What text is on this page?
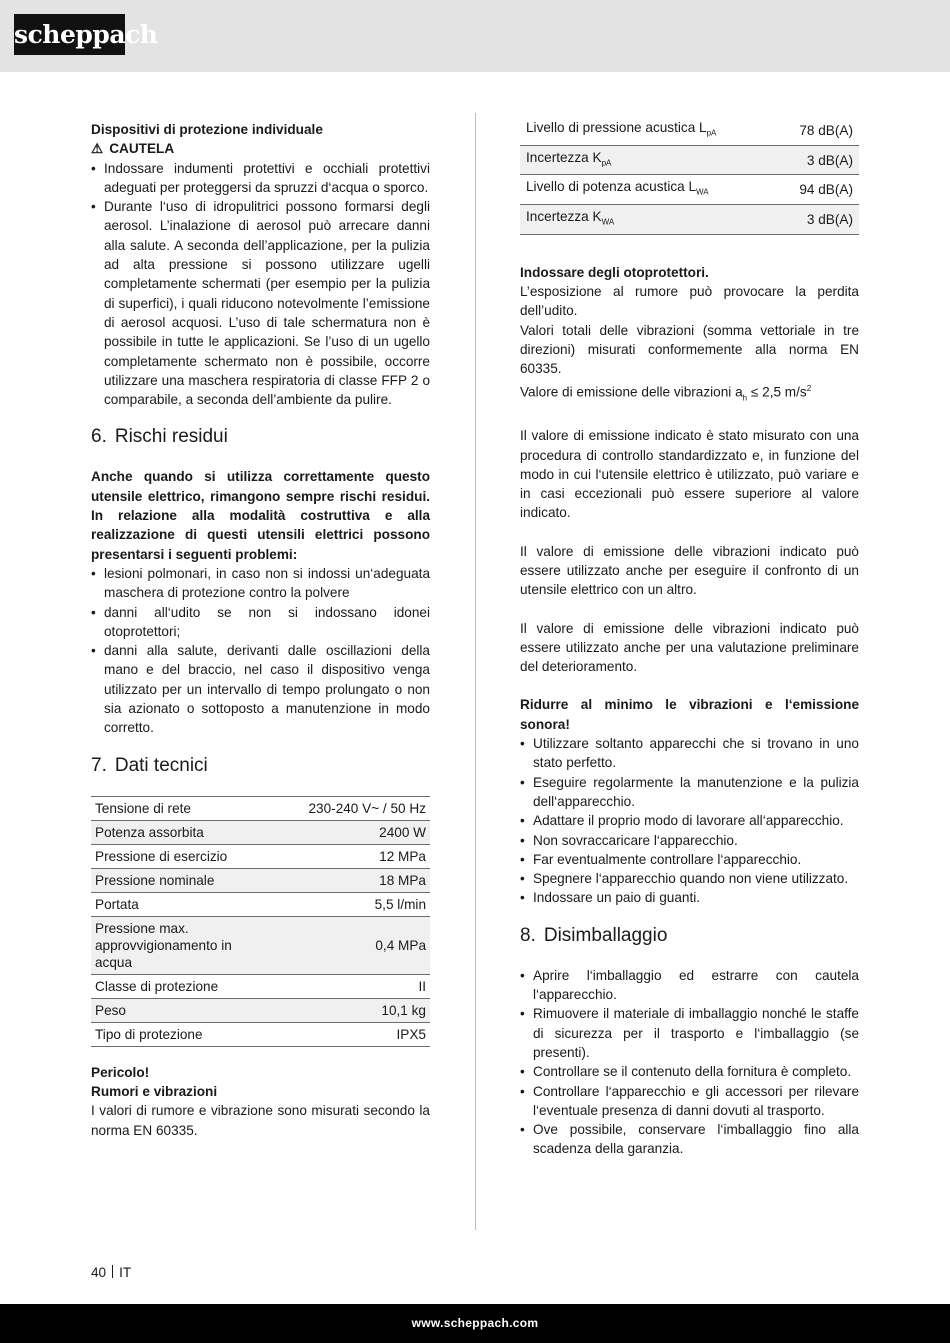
scheppach

Dispositivi di protezione individuale

⚠ CAUTELA

• Indossare indumenti protettivi e occhiali protettivi adeguati per proteggersi da spruzzi d‘acqua o sporco.
• Durante l‘uso di idropulitrici possono formarsi degli aerosol. L’inalazione di aerosol può arrecare danni alla salute. A seconda dell’applicazione, per la pulizia ad alta pressione si possono utilizzare ugelli completamente schermati (per esempio per la pulizia di superfici), i quali riducono notevolmente l’emissione di aerosol acquosi. L’uso di tale schermatura non è possibile in tutte le applicazioni. Se l’uso di un ugello completamente schermato non è possibile, occorre utilizzare una maschera respiratoria di classe FFP 2 o comparabile, a seconda dell’ambiente da pulire.
6. Rischi residui

Anche quando si utilizza correttamente questo utensile elettrico, rimangono sempre rischi residui. In relazione alla modalità costruttiva e alla realizzazione di questi utensili elettrici possono presentarsi i seguenti problemi:

• lesioni polmonari, in caso non si indossi un‘adeguata maschera di protezione contro la polvere
• danni all‘udito se non si indossano idonei otoprotettori;
• danni alla salute, derivanti dalle oscillazioni della mano e del braccio, nel caso il dispositivo venga utilizzato per un intervallo di tempo prolungato o non sia azionato o sottoposto a manutenzione in modo corretto.
7. Dati tecnici
Tensione di rete	230-240 V~ / 50 Hz
Potenza assorbita	2400 W
Pressione di esercizio	12 MPa
Pressione nominale	18 MPa
Portata	5,5 l/min
Pressione max. approvvigionamento in acqua	0,4 MPa
Classe di protezione	II
Peso	10,1 kg
Tipo di protezione	IPX5

Pericolo!

Rumori e vibrazioni

I valori di rumore e vibrazione sono misurati secondo la norma EN 60335.

Livello di pressione acustica $L_{pA}$	78 dB(A)
Incertezza $K_{pA}$	3 dB(A)
Livello di potenza acustica $L_{WA}$	94 dB(A)
Incertezza $K_{WA}$	3 dB(A)

Indossare degli otoprotettori.

L’esposizione al rumore può provocare la perdita dell’udito.

Valori totali delle vibrazioni (somma vettoriale in tre direzioni) misurati conformemente alla norma EN 60335.

Valore di emissione delle vibrazioni $a_h \le 2,5$ $m/s^2$

Il valore di emissione indicato è stato misurato con una procedura di controllo standardizzato e, in funzione del modo in cui l‘utensile elettrico è utilizzato, può variare e in casi eccezionali può essere superiore al valore indicato.

Il valore di emissione delle vibrazioni indicato può essere utilizzato anche per eseguire il confronto di un utensile elettrico con un altro.

Il valore di emissione delle vibrazioni indicato può essere utilizzato anche per una valutazione preliminare del deterioramento.

Ridurre al minimo le vibrazioni e l‘emissione sonora!

• Utilizzare soltanto apparecchi che si trovano in uno stato perfetto.
• Eseguire regolarmente la manutenzione e la pulizia dell‘apparecchio.
• Adattare il proprio modo di lavorare all‘apparecchio.
• Non sovraccaricare l‘apparecchio.
• Far eventualmente controllare l‘apparecchio.
• Spegnere l‘apparecchio quando non viene utilizzato.
• Indossare un paio di guanti.
8. Disimballaggio
• Aprire l‘imballaggio ed estrarre con cautela l‘apparecchio.
• Rimuovere il materiale di imballaggio nonché le staffe di sicurezza per il trasporto e l‘imballaggio (se presenti).
• Controllare se il contenuto della fornitura è completo.
• Controllare l‘apparecchio e gli accessori per rilevare l‘eventuale presenza di danni dovuti al trasporto.
• Ove possibile, conservare l‘imballaggio fino alla scadenza della garanzia.
40 IT
www.scheppach.com
